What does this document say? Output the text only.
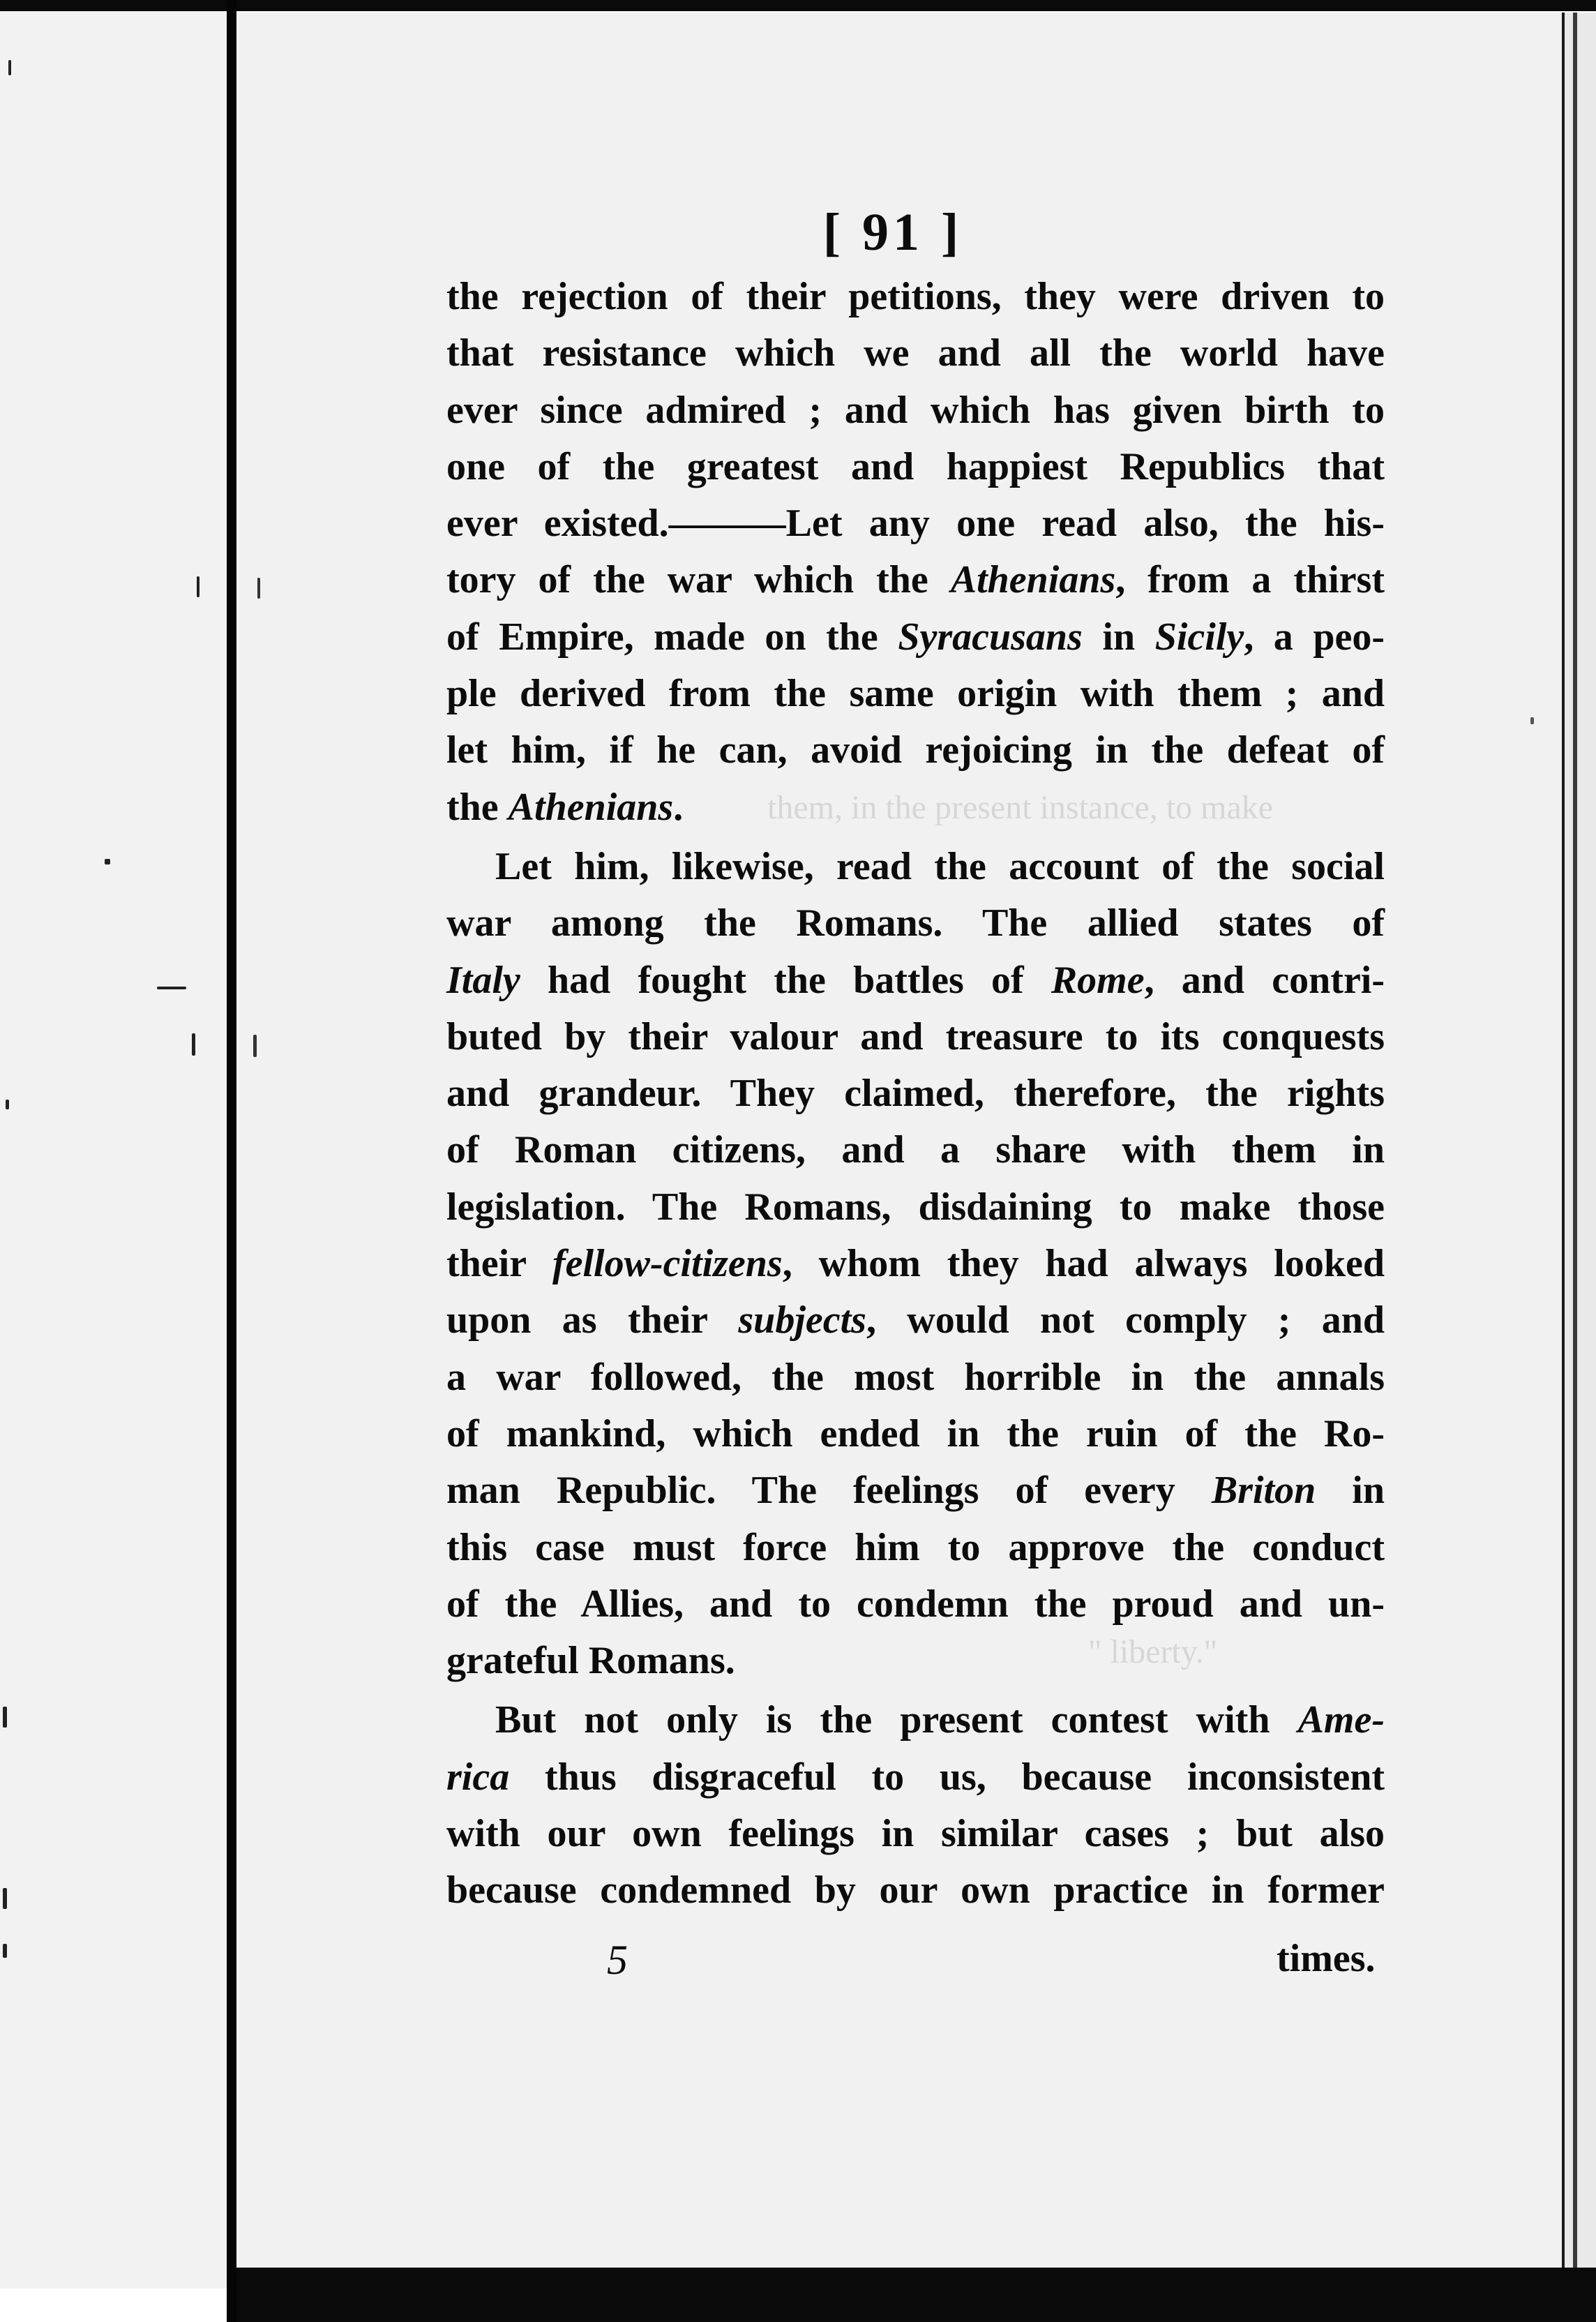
them, in the present instance, to make
" liberty."
[ 91 ]
the rejection of their petitions, they were driven to
that resistance which we and all the world have
ever since admired ; and which has given birth to
one of the greatest and happiest Republics that
ever existed.———Let any one read also, the his-
tory of the war which the Athenians, from a thirst
of Empire, made on the Syracusans in Sicily, a peo-
ple derived from the same origin with them ; and
let him, if he can, avoid rejoicing in the defeat of
the Athenians.
Let him, likewise, read the account of the social
war among the Romans. The allied states of
Italy had fought the battles of Rome, and contri-
buted by their valour and treasure to its conquests
and grandeur. They claimed, therefore, the rights
of Roman citizens, and a share with them in
legislation. The Romans, disdaining to make those
their fellow-citizens, whom they had always looked
upon as their subjects, would not comply ; and
a war followed, the most horrible in the annals
of mankind, which ended in the ruin of the Ro-
man Republic. The feelings of every Briton in
this case must force him to approve the conduct
of the Allies, and to condemn the proud and un-
grateful Romans.
But not only is the present contest with Ame-
rica thus disgraceful to us, because inconsistent
with our own feelings in similar cases ; but also
because condemned by our own practice in former
5	times.
